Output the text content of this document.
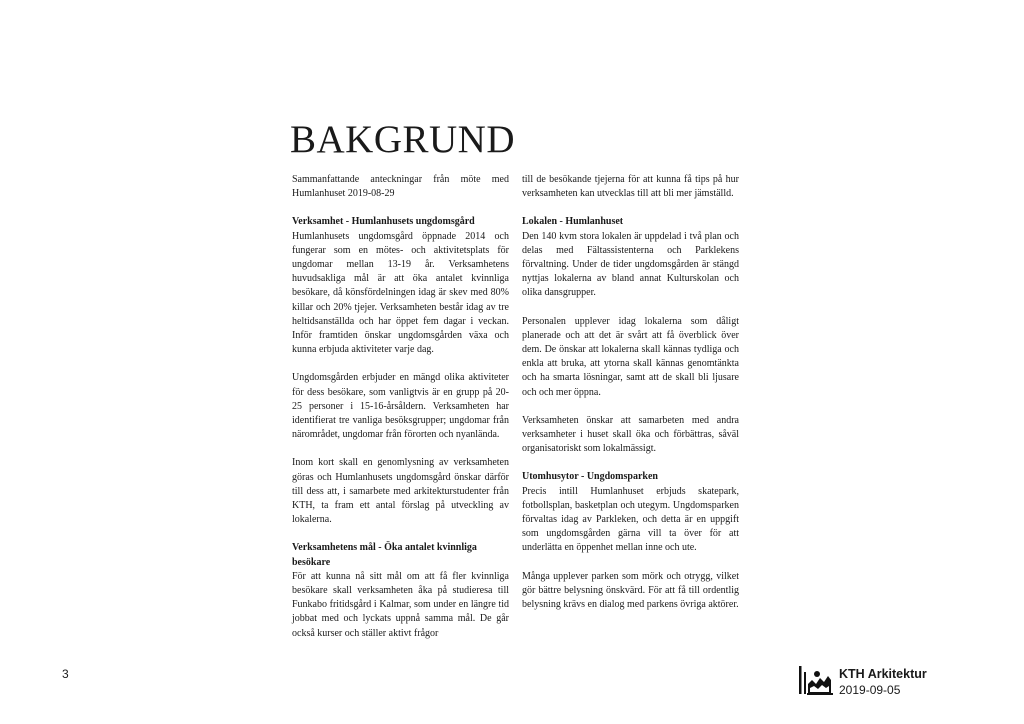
BAKGRUND

Sammanfattande anteckningar från möte med Humlanhuset 2019-08-29

Verksamhet - Humlanhusets ungdomsgård

Humlanhusets ungdomsgård öppnade 2014 och fungerar som en mötes- och aktivitetsplats för ungdomar mellan 13-19 år. Verksamhetens huvudsakliga mål är att öka antalet kvinnliga besökare, då könsfördelningen idag är skev med 80% killar och 20% tjejer. Verksamheten består idag av tre heltidsanställda och har öppet fem dagar i veckan. Inför framtiden önskar ungdomsgården växa och kunna erbjuda aktiviteter varje dag.

Ungdomsgården erbjuder en mängd olika aktiviteter för dess besökare, som vanligtvis är en grupp på 20-25 personer i 15-16-årsåldern. Verksamheten har identifierat tre vanliga besöksgrupper; ungdomar från närområdet, ungdomar från förorten och nyanlända.

Inom kort skall en genomlysning av verksamheten göras och Humlanhusets ungdomsgård önskar därför till dess att, i samarbete med arkitekturstudenter från KTH, ta fram ett antal förslag på utveckling av lokalerna.

Verksamhetens mål - Öka antalet kvinnliga besökare

För att kunna nå sitt mål om att få fler kvinnliga besökare skall verksamheten åka på studieresa till Funkabo fritidsgård i Kalmar, som under en längre tid jobbat med och lyckats uppnå samma mål. De går också kurser och ställer aktivt frågor

till de besökande tjejerna för att kunna få tips på hur verksamheten kan utvecklas till att bli mer jämställd.

Lokalen - Humlanhuset

Den 140 kvm stora lokalen är uppdelad i två plan och delas med Fältassistenterna och Parklekens förvaltning. Under de tider ungdomsgården är stängd nyttjas lokalerna av bland annat Kulturskolan och olika dansgrupper.

Personalen upplever idag lokalerna som dåligt planerade och att det är svårt att få överblick över dem. De önskar att lokalerna skall kännas tydliga och enkla att bruka, att ytorna skall kännas genomtänkta och ha smarta lösningar, samt att de skall bli ljusare och och mer öppna.

Verksamheten önskar att samarbeten med andra verksamheter i huset skall öka och förbättras, såväl organisatoriskt som lokalmässigt.

Utomhusytor - Ungdomsparken

Precis intill Humlanhuset erbjuds skatepark, fotbollsplan, basketplan och utegym. Ungdomsparken förvaltas idag av Parkleken, och detta är en uppgift som ungdomsgården gärna vill ta över för att underlätta en öppenhet mellan inne och ute.

Många upplever parken som mörk och otrygg, vilket gör bättre belysning önskvärd. För att få till ordentlig belysning krävs en dialog med parkens övriga aktörer.

3	KTH Arkitektur
2019-09-05
